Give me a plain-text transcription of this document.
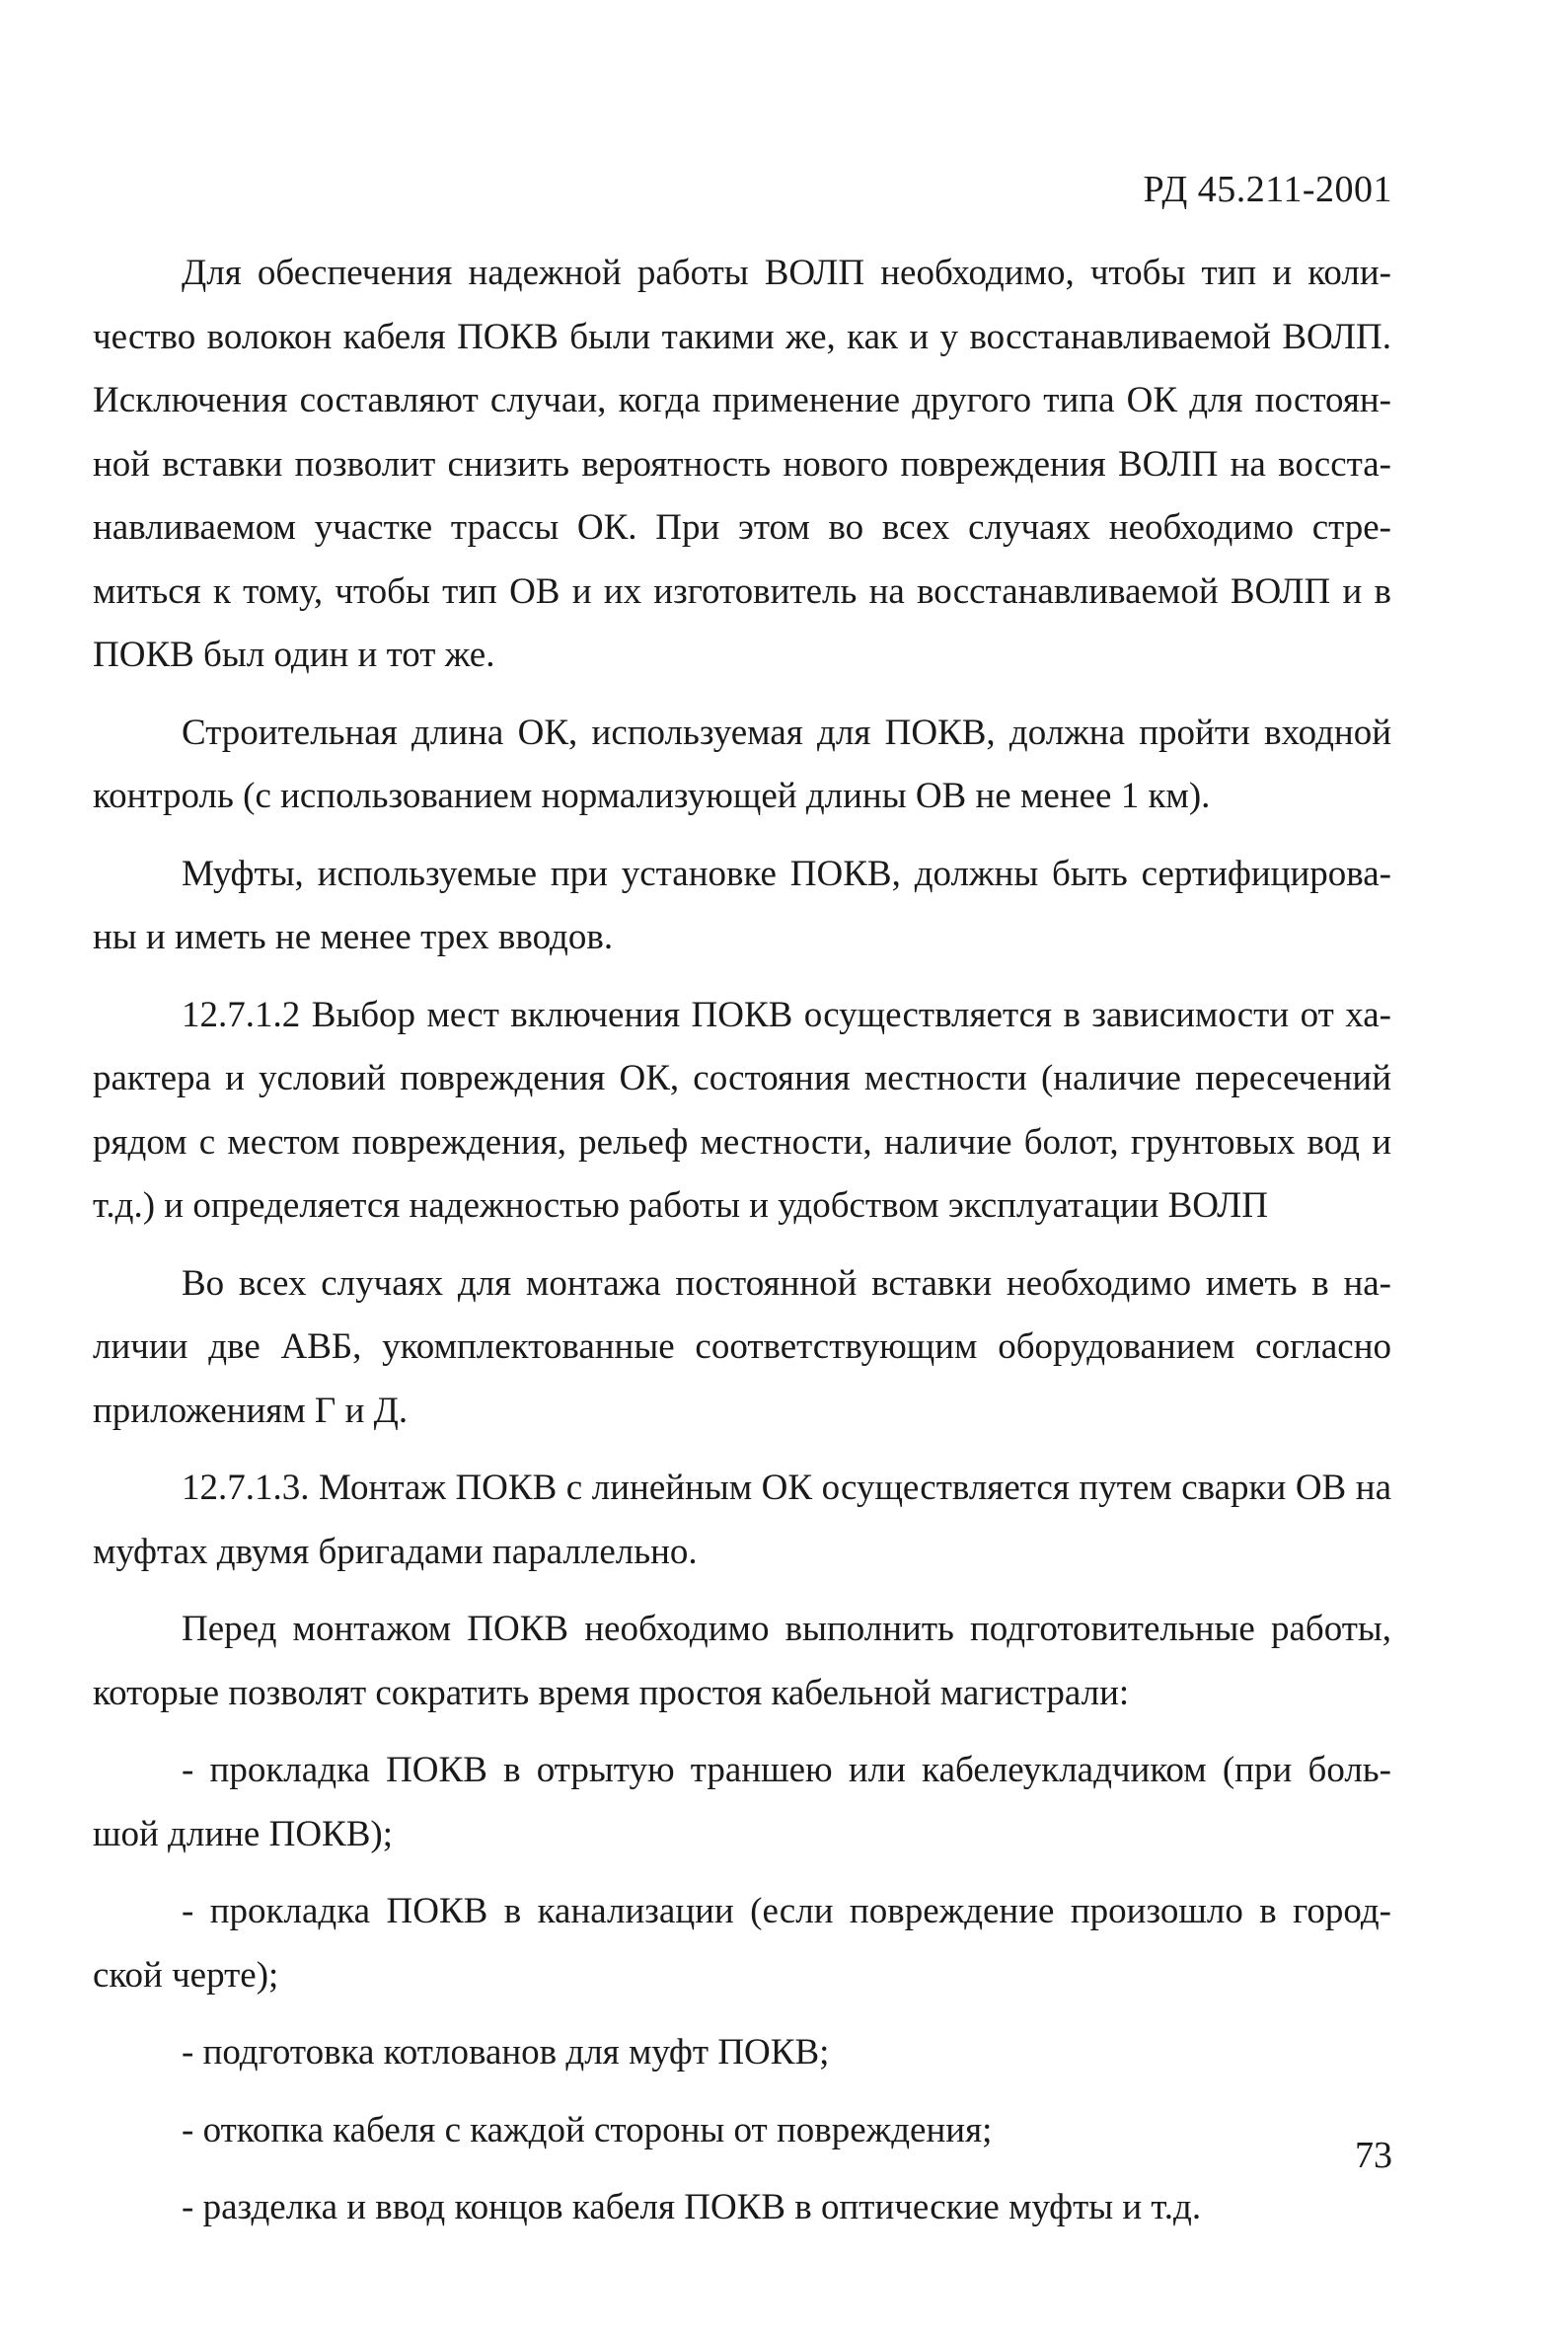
РД 45.211-2001

Для обеспечения надежной работы ВОЛП необходимо, чтобы тип и коли-чество волокон кабеля ПОКВ были такими же, как и у восстанавливаемой ВОЛП. Исключения составляют случаи, когда применение другого типа ОК для постоян-ной вставки позволит снизить вероятность нового повреждения ВОЛП на восста-навливаемом участке трассы ОК. При этом во всех случаях необходимо стре-миться к тому, чтобы тип ОВ и их изготовитель на восстанавливаемой ВОЛП и в ПОКВ был один и тот же.

Строительная длина ОК, используемая для ПОКВ, должна пройти входной контроль (с использованием нормализующей длины ОВ не менее 1 км).

Муфты, используемые при установке ПОКВ, должны быть сертифицирова-ны и иметь не менее трех вводов.

12.7.1.2 Выбор мест включения ПОКВ осуществляется в зависимости от ха-рактера и условий повреждения ОК, состояния местности (наличие пересечений рядом с местом повреждения, рельеф местности, наличие болот, грунтовых вод и т.д.) и определяется надежностью работы и удобством эксплуатации ВОЛП

Во всех случаях для монтажа постоянной вставки необходимо иметь в на-личии две АВБ, укомплектованные соответствующим оборудованием согласно приложениям Г и Д.

12.7.1.3. Монтаж ПОКВ с линейным ОК осуществляется путем сварки ОВ на муфтах двумя бригадами параллельно.

Перед монтажом ПОКВ необходимо выполнить подготовительные работы, которые позволят сократить время простоя кабельной магистрали:

- прокладка ПОКВ в отрытую траншею или кабелеукладчиком (при боль-шой длине ПОКВ);

- прокладка ПОКВ в канализации (если повреждение произошло в город-ской черте);

- подготовка котлованов для муфт ПОКВ;

- откопка кабеля с каждой стороны от повреждения;

- разделка и ввод концов кабеля ПОКВ в оптические муфты и т.д.

73
